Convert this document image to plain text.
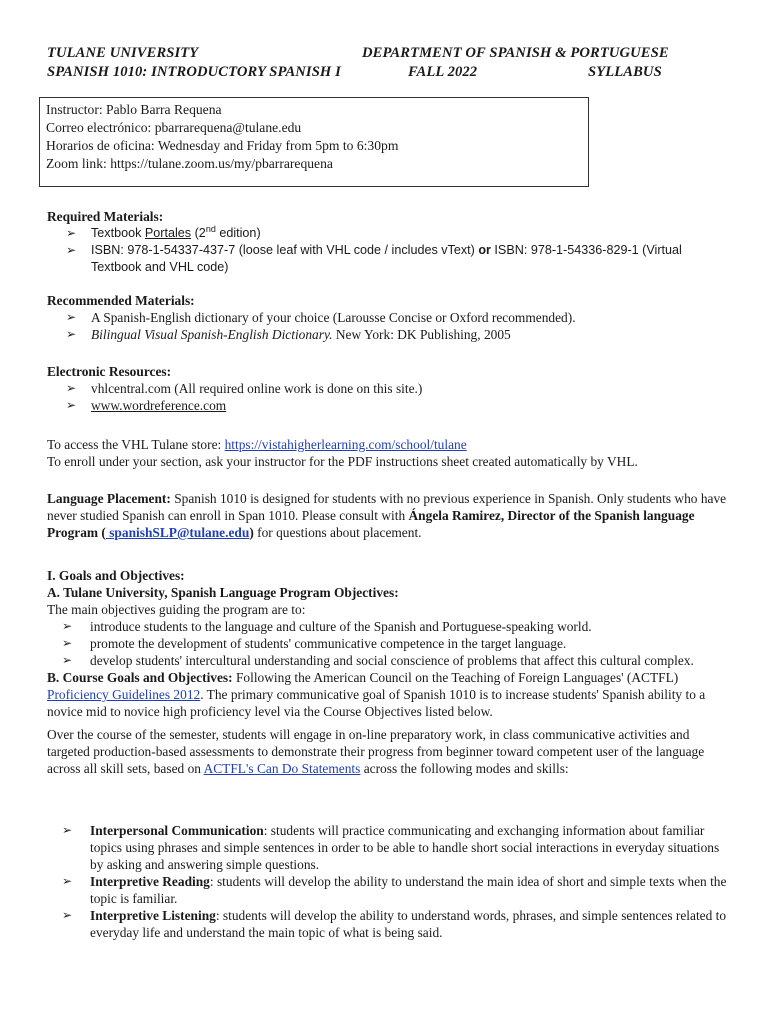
TULANE UNIVERSITY	DEPARTMENT OF SPANISH & PORTUGUESE
SPANISH 1010: INTRODUCTORY SPANISH I	FALL 2022	SYLLABUS
Instructor: Pablo Barra Requena
Correo electrónico: pbarrarequena@tulane.edu
Horarios de oficina: Wednesday and Friday from 5pm to 6:30pm
Zoom link: https://tulane.zoom.us/my/pbarrarequena
Required Materials:
➢ Textbook Portales (2nd edition)
➢ ISBN: 978-1-54337-437-7 (loose leaf with VHL code / includes vText) or ISBN: 978-1-54336-829-1 (Virtual Textbook and VHL code)
Recommended Materials:
➢ A Spanish-English dictionary of your choice (Larousse Concise or Oxford recommended).
➢ Bilingual Visual Spanish-English Dictionary. New York: DK Publishing, 2005
Electronic Resources:
➢ vhlcentral.com (All required online work is done on this site.)
➢ www.wordreference.com

To access the VHL Tulane store: https://vistahigherlearning.com/school/tulane

To enroll under your section, ask your instructor for the PDF instructions sheet created automatically by VHL.

Language Placement: Spanish 1010 is designed for students with no previous experience in Spanish. Only students who have never studied Spanish can enroll in Span 1010. Please consult with Ángela Ramirez, Director of the Spanish language Program ( spanishSLP@tulane.edu) for questions about placement.

I. Goals and Objectives:
A. Tulane University, Spanish Language Program Objectives:

The main objectives guiding the program are to:

➢ introduce students to the language and culture of the Spanish and Portuguese-speaking world.
➢ promote the development of students' communicative competence in the target language.
➢ develop students' intercultural understanding and social conscience of problems that affect this cultural complex.

B. Course Goals and Objectives: Following the American Council on the Teaching of Foreign Languages' (ACTFL) Proficiency Guidelines 2012. The primary communicative goal of Spanish 1010 is to increase students' Spanish ability to a novice mid to novice high proficiency level via the Course Objectives listed below.

Over the course of the semester, students will engage in on-line preparatory work, in class communicative activities and targeted production-based assessments to demonstrate their progress from beginner toward competent user of the language across all skill sets, based on ACTFL's Can Do Statements across the following modes and skills:

➢ Interpersonal Communication: students will practice communicating and exchanging information about familiar topics using phrases and simple sentences in order to be able to handle short social interactions in everyday situations by asking and answering simple questions.
➢ Interpretive Reading: students will develop the ability to understand the main idea of short and simple texts when the topic is familiar.
➢ Interpretive Listening: students will develop the ability to understand words, phrases, and simple sentences related to everyday life and understand the main topic of what is being said.
